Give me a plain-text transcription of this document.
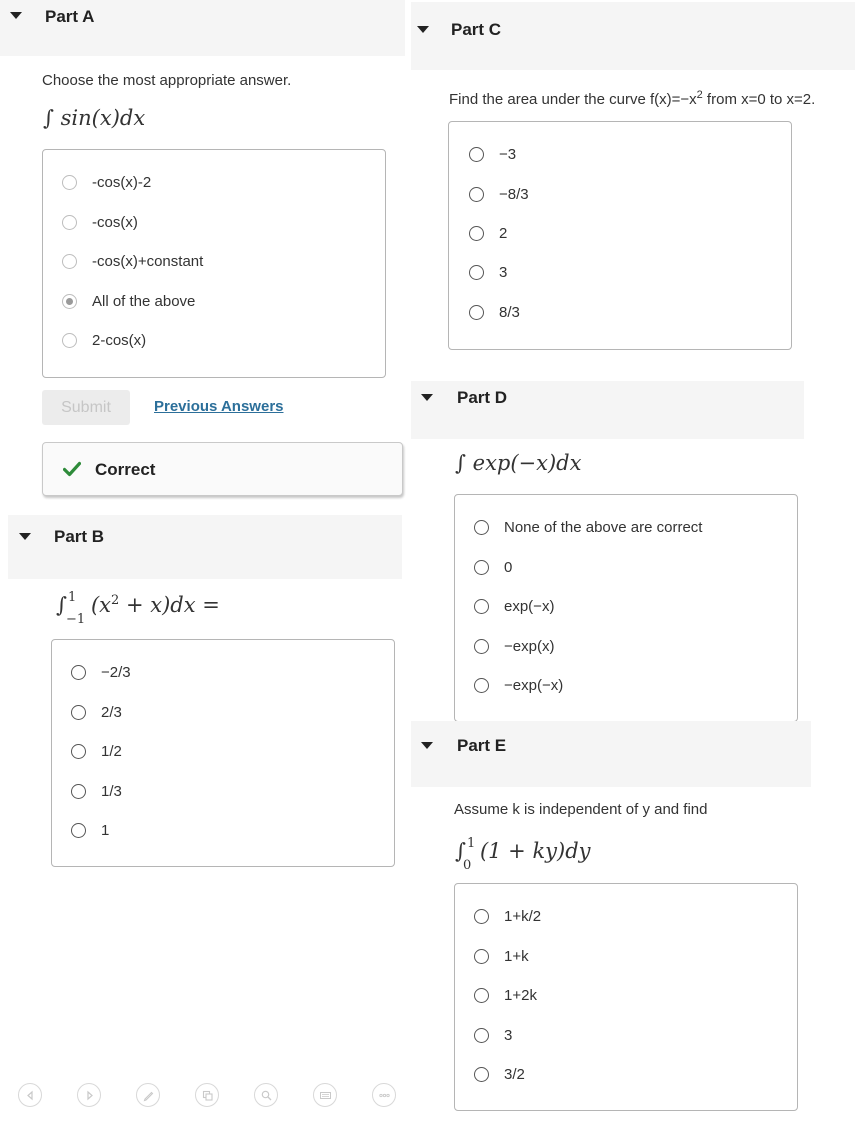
Part A
Choose the most appropriate answer.
∫ sin(x)dx
-cos(x)-2
-cos(x)
-cos(x)+constant
All of the above
2-cos(x)
Submit	Previous Answers
Correct
Part B
∫ 1
−1
$(x^2 + x)dx$ =
−2/3
2/3
1/2
1/3
1
Part C
Find the area under the curve $f(x)=-x^2$ from x=0 to x=2.
−3
−8/3
2
3
8/3
Part D
∫ exp(−x)dx
None of the above are correct
0
exp(−x)
−exp(x)
−exp(−x)
Part E
Assume k is independent of y and find
∫ 1
0
(1 + ky)dy
1+k/2
1+k
1+2k
3
3/2
